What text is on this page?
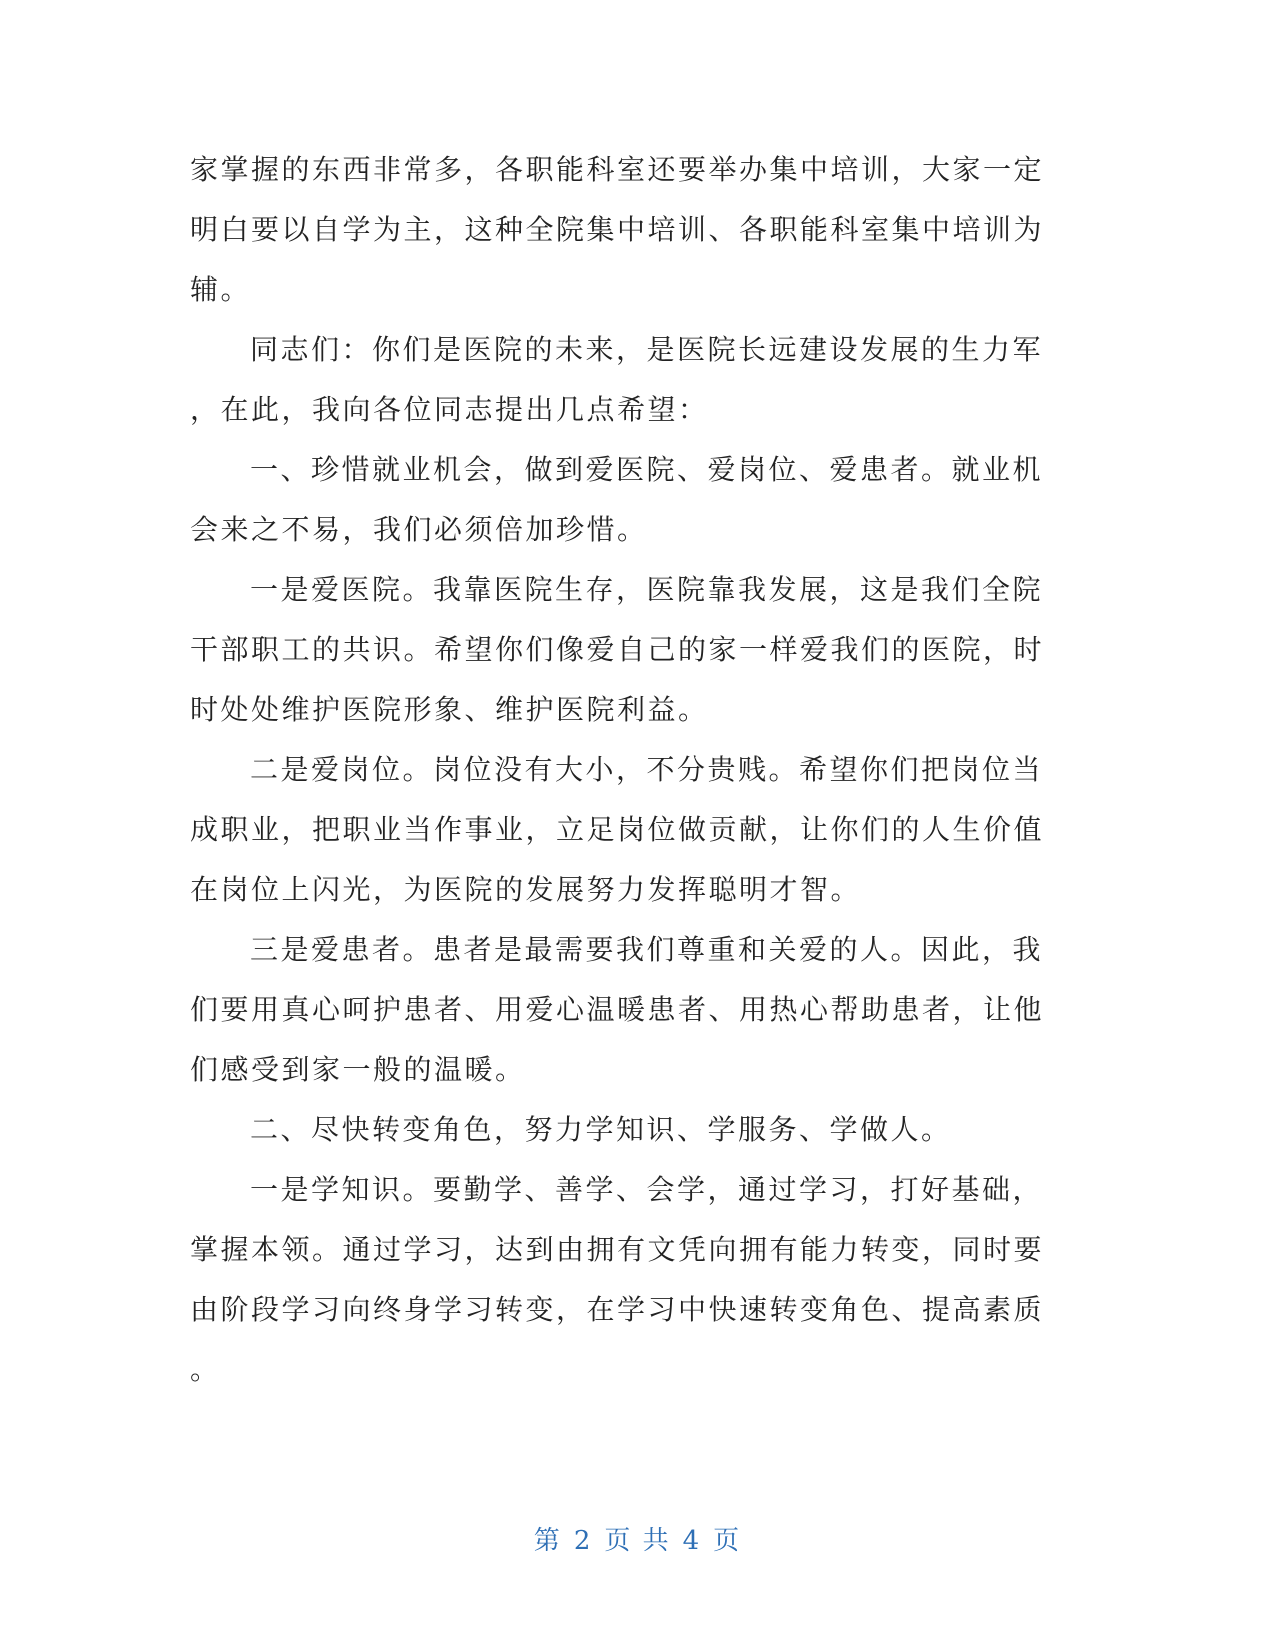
家掌握的东西非常多，各职能科室还要举办集中培训，大家一定
明白要以自学为主，这种全院集中培训、各职能科室集中培训为
辅。
同志们：你们是医院的未来，是医院长远建设发展的生力军
，在此，我向各位同志提出几点希望：
一、珍惜就业机会，做到爱医院、爱岗位、爱患者。就业机
会来之不易，我们必须倍加珍惜。
一是爱医院。我靠医院生存，医院靠我发展，这是我们全院
干部职工的共识。希望你们像爱自己的家一样爱我们的医院，时
时处处维护医院形象、维护医院利益。
二是爱岗位。岗位没有大小，不分贵贱。希望你们把岗位当
成职业，把职业当作事业，立足岗位做贡献，让你们的人生价值
在岗位上闪光，为医院的发展努力发挥聪明才智。
三是爱患者。患者是最需要我们尊重和关爱的人。因此，我
们要用真心呵护患者、用爱心温暖患者、用热心帮助患者，让他
们感受到家一般的温暖。
二、尽快转变角色，努力学知识、学服务、学做人。
一是学知识。要勤学、善学、会学，通过学习，打好基础，
掌握本领。通过学习，达到由拥有文凭向拥有能力转变，同时要
由阶段学习向终身学习转变，在学习中快速转变角色、提高素质
。
第 2 页 共 4 页
